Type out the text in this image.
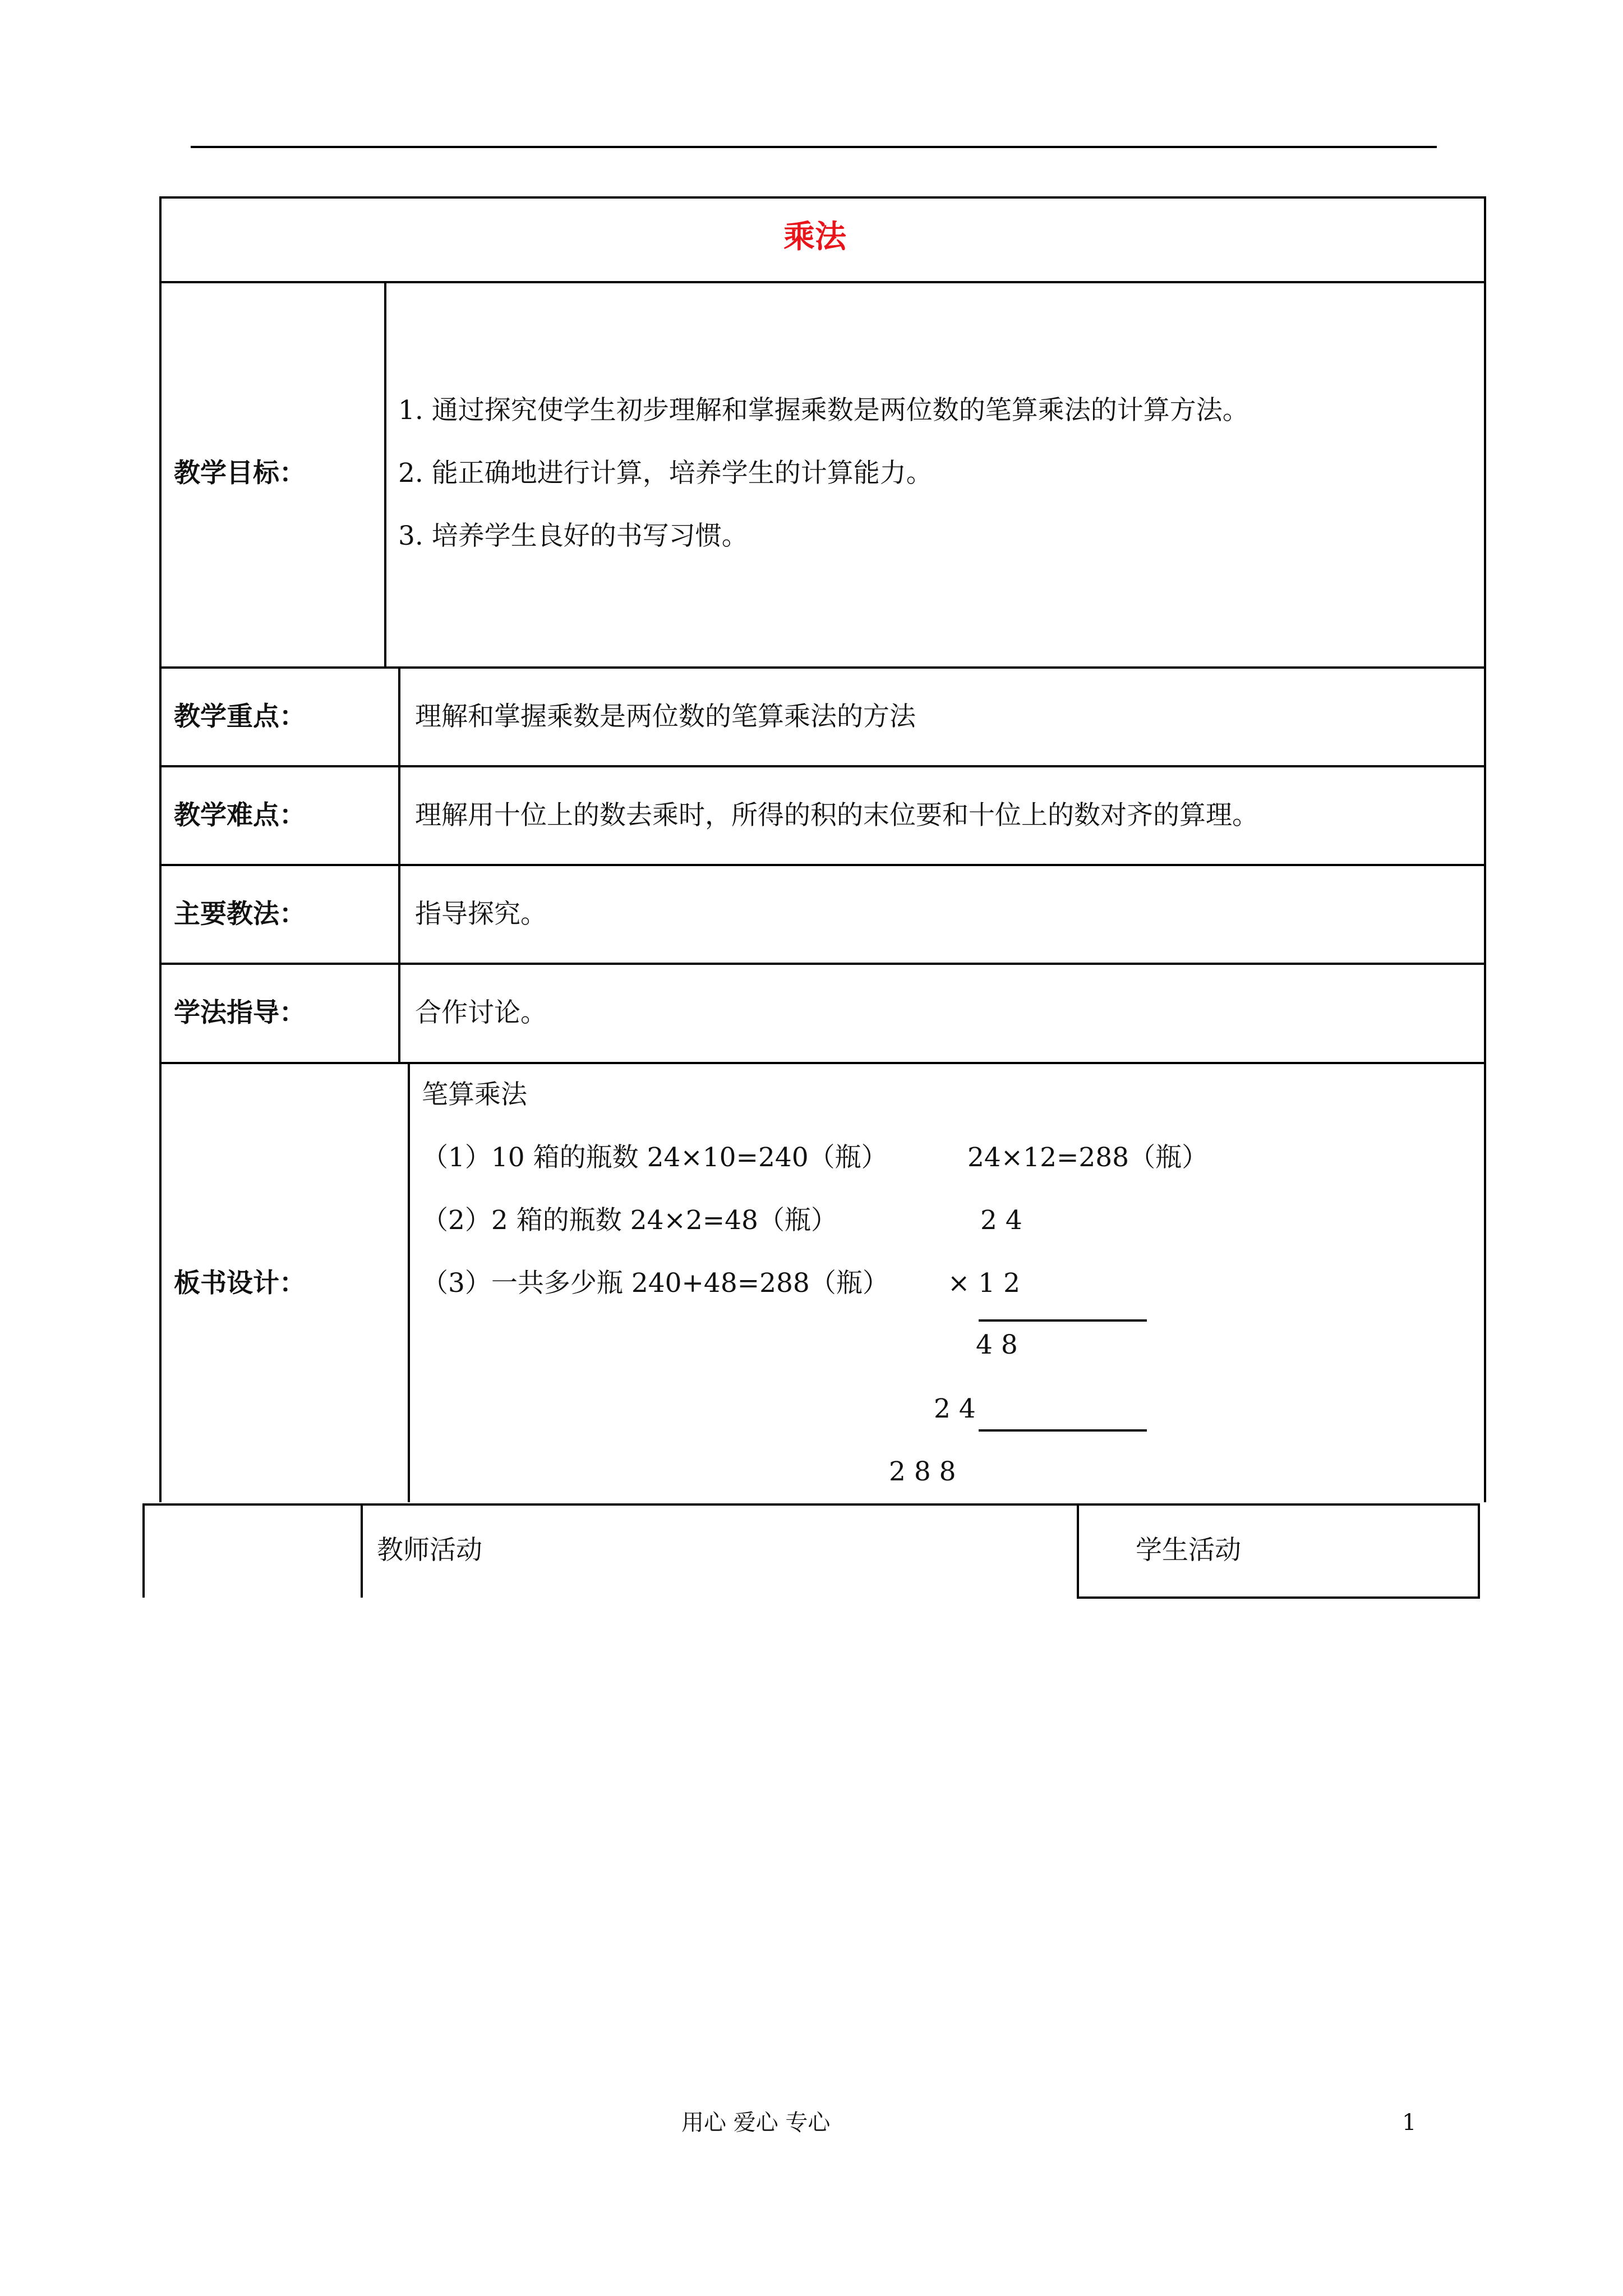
乘法
教学目标：
1. 通过探究使学生初步理解和掌握乘数是两位数的笔算乘法的计算方法。
2. 能正确地进行计算，培养学生的计算能力。
3. 培养学生良好的书写习惯。
教学重点：	理解和掌握乘数是两位数的笔算乘法的方法
教学难点：	理解用十位上的数去乘时，所得的积的末位要和十位上的数对齐的算理。
主要教法：	指导探究。
学法指导：	合作讨论。
板书设计：
笔算乘法
（1）10 箱的瓶数 24×10=240（瓶）
（2）2 箱的瓶数 24×2=48（瓶）
（3）一共多少瓶 240+48=288（瓶）
24×12=288（瓶）
2 4
× 1 2
4 8
2 4
2 8 8
教师活动	学生活动
用心 爱心 专心	1
